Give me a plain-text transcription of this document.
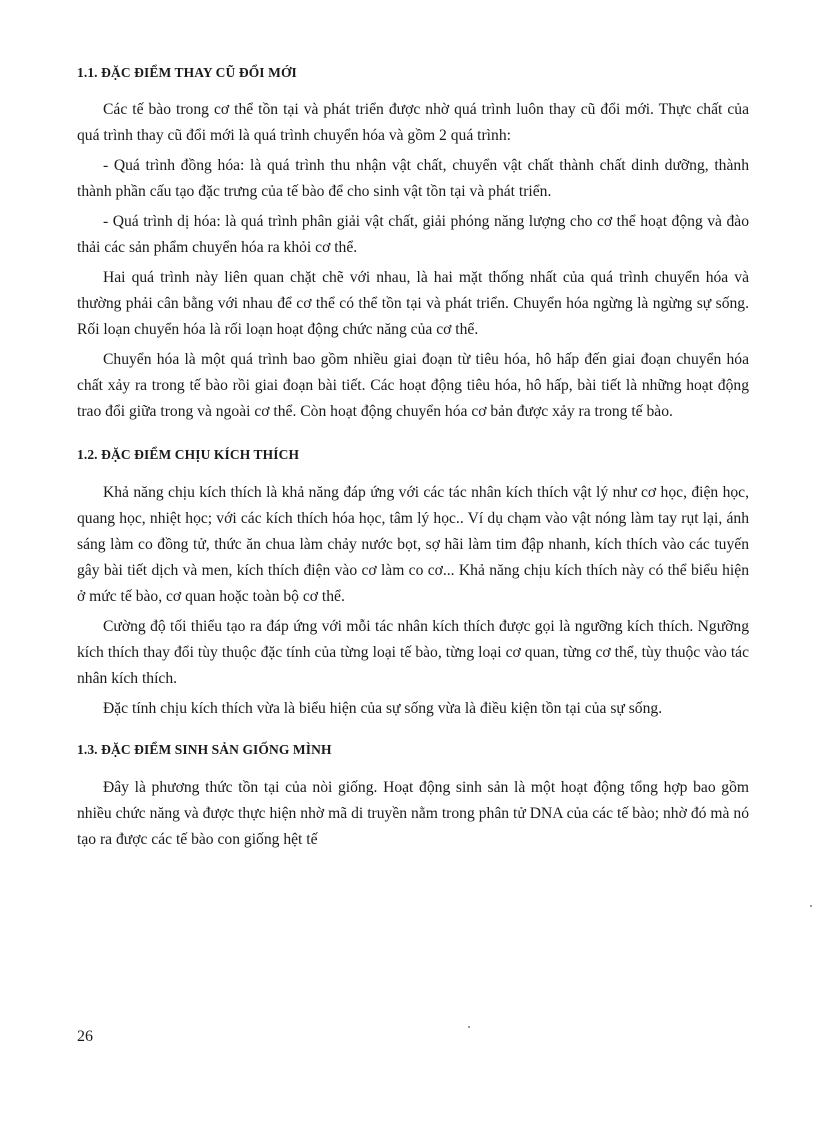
1.1. ĐẶC ĐIỂM THAY CŨ ĐỔI MỚI

Các tế bào trong cơ thể tồn tại và phát triển được nhờ quá trình luôn thay cũ đổi mới. Thực chất của quá trình thay cũ đổi mới là quá trình chuyển hóa và gồm 2 quá trình:

- Quá trình đồng hóa: là quá trình thu nhận vật chất, chuyển vật chất thành chất dinh dưỡng, thành thành phần cấu tạo đặc trưng của tế bào để cho sinh vật tồn tại và phát triển.

- Quá trình dị hóa: là quá trình phân giải vật chất, giải phóng năng lượng cho cơ thể hoạt động và đào thải các sản phẩm chuyển hóa ra khỏi cơ thể.

Hai quá trình này liên quan chặt chẽ với nhau, là hai mặt thống nhất của quá trình chuyển hóa và thường phải cân bằng với nhau để cơ thể có thể tồn tại và phát triển. Chuyển hóa ngừng là ngừng sự sống. Rối loạn chuyển hóa là rối loạn hoạt động chức năng của cơ thể.

Chuyển hóa là một quá trình bao gồm nhiều giai đoạn từ tiêu hóa, hô hấp đến giai đoạn chuyển hóa chất xảy ra trong tế bào rồi giai đoạn bài tiết. Các hoạt động tiêu hóa, hô hấp, bài tiết là những hoạt động trao đổi giữa trong và ngoài cơ thể. Còn hoạt động chuyển hóa cơ bản được xảy ra trong tế bào.

1.2. ĐẶC ĐIỂM CHỊU KÍCH THÍCH

Khả năng chịu kích thích là khả năng đáp ứng với các tác nhân kích thích vật lý như cơ học, điện học, quang học, nhiệt học; với các kích thích hóa học, tâm lý học.. Ví dụ chạm vào vật nóng làm tay rụt lại, ánh sáng làm co đồng tử, thức ăn chua làm chảy nước bọt, sợ hãi làm tim đập nhanh, kích thích vào các tuyến gây bài tiết dịch và men, kích thích điện vào cơ làm co cơ... Khả năng chịu kích thích này có thể biểu hiện ở mức tế bào, cơ quan hoặc toàn bộ cơ thể.

Cường độ tối thiểu tạo ra đáp ứng với mỗi tác nhân kích thích được gọi là ngưỡng kích thích. Ngưỡng kích thích thay đổi tùy thuộc đặc tính của từng loại tế bào, từng loại cơ quan, từng cơ thể, tùy thuộc vào tác nhân kích thích.

Đặc tính chịu kích thích vừa là biểu hiện của sự sống vừa là điều kiện tồn tại của sự sống.

1.3. ĐẶC ĐIỂM SINH SẢN GIỐNG MÌNH

Đây là phương thức tồn tại của nòi giống. Hoạt động sinh sản là một hoạt động tổng hợp bao gồm nhiều chức năng và được thực hiện nhờ mã di truyền nằm trong phân tử DNA của các tế bào; nhờ đó mà nó tạo ra được các tế bào con giống hệt tế

26
